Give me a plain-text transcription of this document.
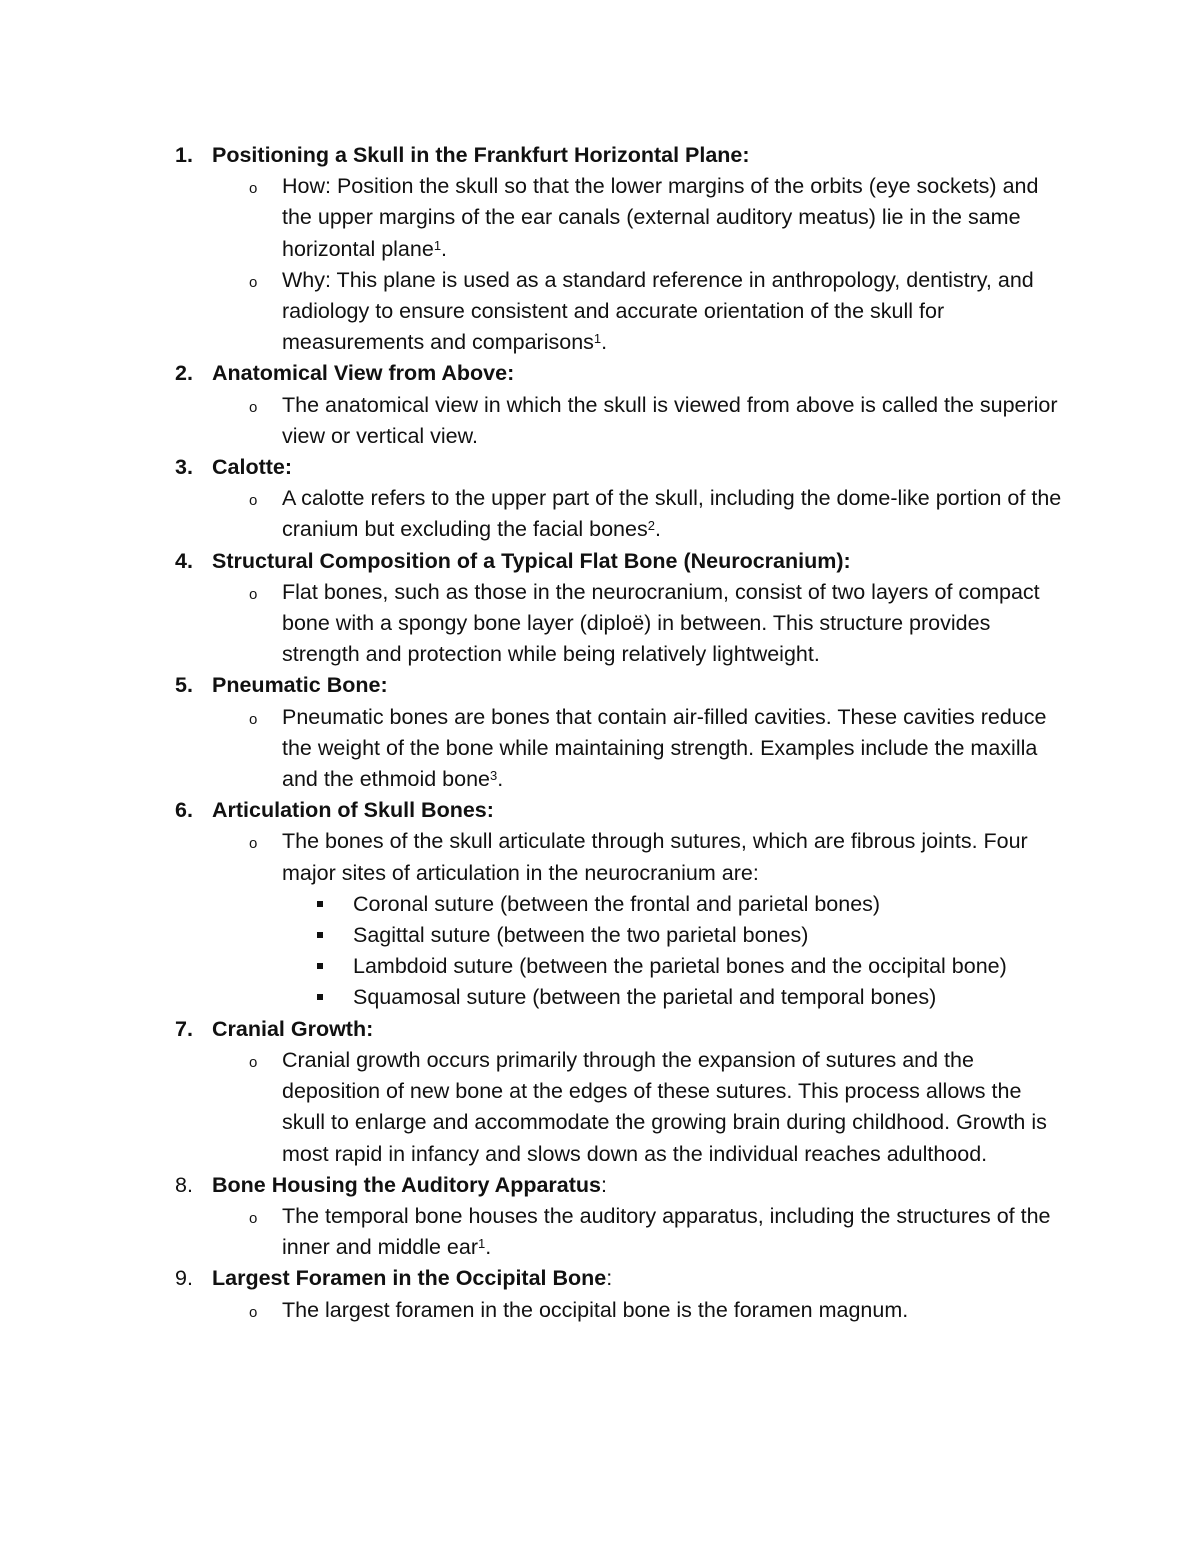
1. Positioning a Skull in the Frankfurt Horizontal Plane:
o How: Position the skull so that the lower margins of the orbits (eye sockets) and the upper margins of the ear canals (external auditory meatus) lie in the same horizontal plane$^1$.
o Why: This plane is used as a standard reference in anthropology, dentistry, and radiology to ensure consistent and accurate orientation of the skull for measurements and comparisons$^1$.
2. Anatomical View from Above:
o The anatomical view in which the skull is viewed from above is called the superior view or vertical view.
3. Calotte:
o A calotte refers to the upper part of the skull, including the dome-like portion of the cranium but excluding the facial bones$^2$.
4. Structural Composition of a Typical Flat Bone (Neurocranium):
o Flat bones, such as those in the neurocranium, consist of two layers of compact bone with a spongy bone layer (diploë) in between. This structure provides strength and protection while being relatively lightweight.
5. Pneumatic Bone:
o Pneumatic bones are bones that contain air-filled cavities. These cavities reduce the weight of the bone while maintaining strength. Examples include the maxilla and the ethmoid bone$^3$.
6. Articulation of Skull Bones:
o The bones of the skull articulate through sutures, which are fibrous joints. Four major sites of articulation in the neurocranium are:
Coronal suture (between the frontal and parietal bones)
Sagittal suture (between the two parietal bones)
Lambdoid suture (between the parietal bones and the occipital bone)
Squamosal suture (between the parietal and temporal bones)
7. Cranial Growth:
o Cranial growth occurs primarily through the expansion of sutures and the deposition of new bone at the edges of these sutures. This process allows the skull to enlarge and accommodate the growing brain during childhood. Growth is most rapid in infancy and slows down as the individual reaches adulthood.
8. Bone Housing the Auditory Apparatus:
o The temporal bone houses the auditory apparatus, including the structures of the inner and middle ear$^1$.
9. Largest Foramen in the Occipital Bone:
o The largest foramen in the occipital bone is the foramen magnum.
